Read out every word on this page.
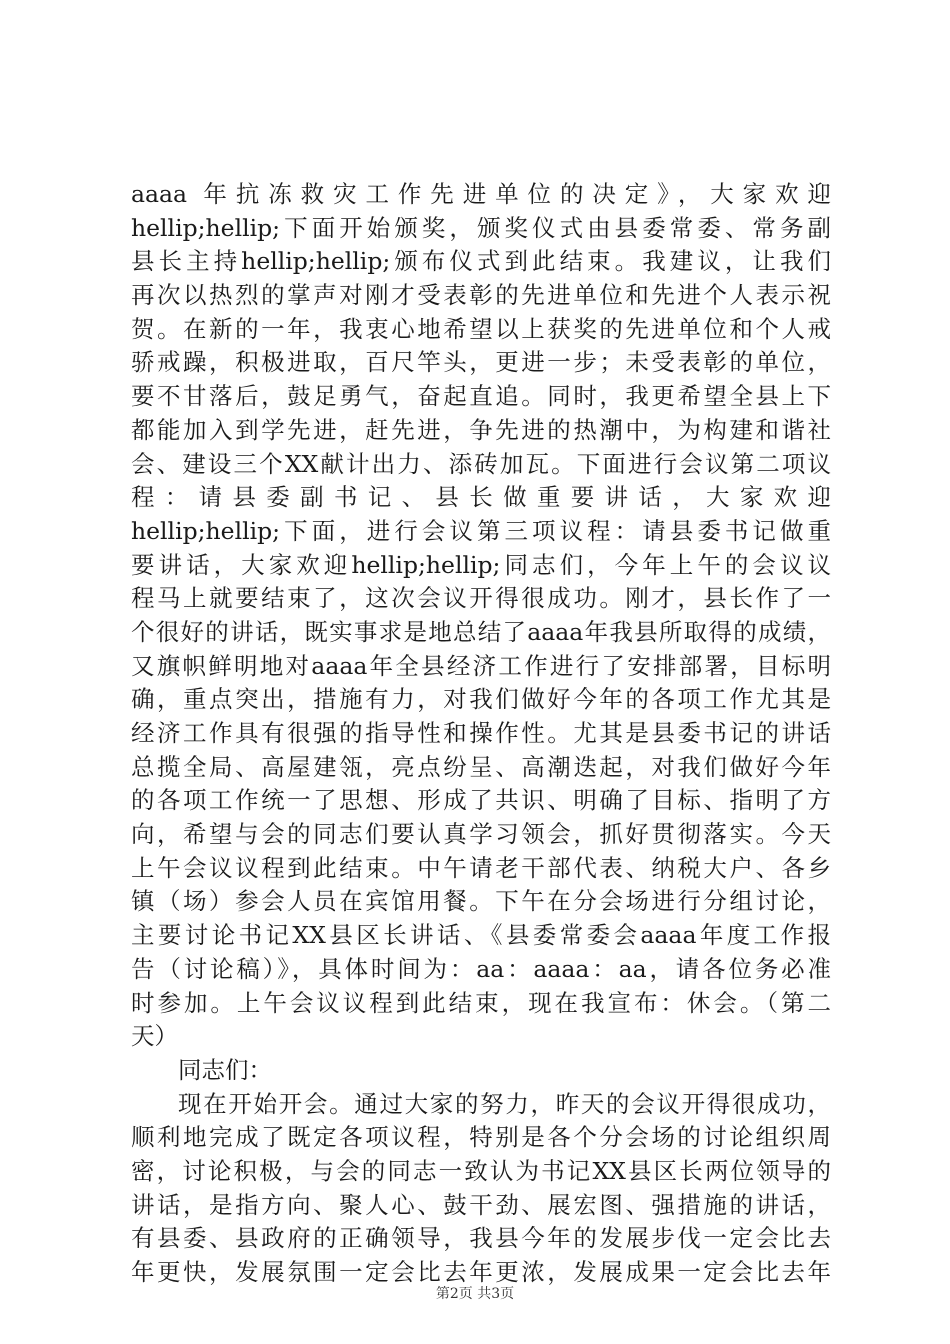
aaaa 年抗冻救灾工作先进单位的决定》，大家欢迎
hellip;hellip;下面开始颁奖，颁奖仪式由县委常委、常务副
县长主持hellip;hellip;颁布仪式到此结束。我建议，让我们
再次以热烈的掌声对刚才受表彰的先进单位和先进个人表示祝
贺。在新的一年，我衷心地希望以上获奖的先进单位和个人戒
骄戒躁，积极进取，百尺竿头，更进一步；未受表彰的单位，
要不甘落后，鼓足勇气，奋起直追。同时，我更希望全县上下
都能加入到学先进，赶先进，争先进的热潮中，为构建和谐社
会、建设三个XX献计出力、添砖加瓦。下面进行会议第二项议
程：请县委副书记、县长做重要讲话，大家欢迎
hellip;hellip;下面，进行会议第三项议程：请县委书记做重
要讲话，大家欢迎hellip;hellip;同志们，今年上午的会议议
程马上就要结束了，这次会议开得很成功。刚才，县长作了一
个很好的讲话，既实事求是地总结了aaaa年我县所取得的成绩，
又旗帜鲜明地对aaaa年全县经济工作进行了安排部署，目标明
确，重点突出，措施有力，对我们做好今年的各项工作尤其是
经济工作具有很强的指导性和操作性。尤其是县委书记的讲话
总揽全局、高屋建瓴，亮点纷呈、高潮迭起，对我们做好今年
的各项工作统一了思想、形成了共识、明确了目标、指明了方
向，希望与会的同志们要认真学习领会，抓好贯彻落实。今天
上午会议议程到此结束。中午请老干部代表、纳税大户、各乡
镇（场）参会人员在宾馆用餐。下午在分会场进行分组讨论，
主要讨论书记XX县区长讲话、《县委常委会aaaa年度工作报
告（讨论稿）》，具体时间为：aa：aaaa：aa，请各位务必准
时参加。上午会议议程到此结束，现在我宣布：休会。（第二
天）
同志们：
现在开始开会。通过大家的努力，昨天的会议开得很成功，
顺利地完成了既定各项议程，特别是各个分会场的讨论组织周
密，讨论积极，与会的同志一致认为书记XX县区长两位领导的
讲话，是指方向、聚人心、鼓干劲、展宏图、强措施的讲话，
有县委、县政府的正确领导，我县今年的发展步伐一定会比去
年更快，发展氛围一定会比去年更浓，发展成果一定会比去年
第2页 共3页
